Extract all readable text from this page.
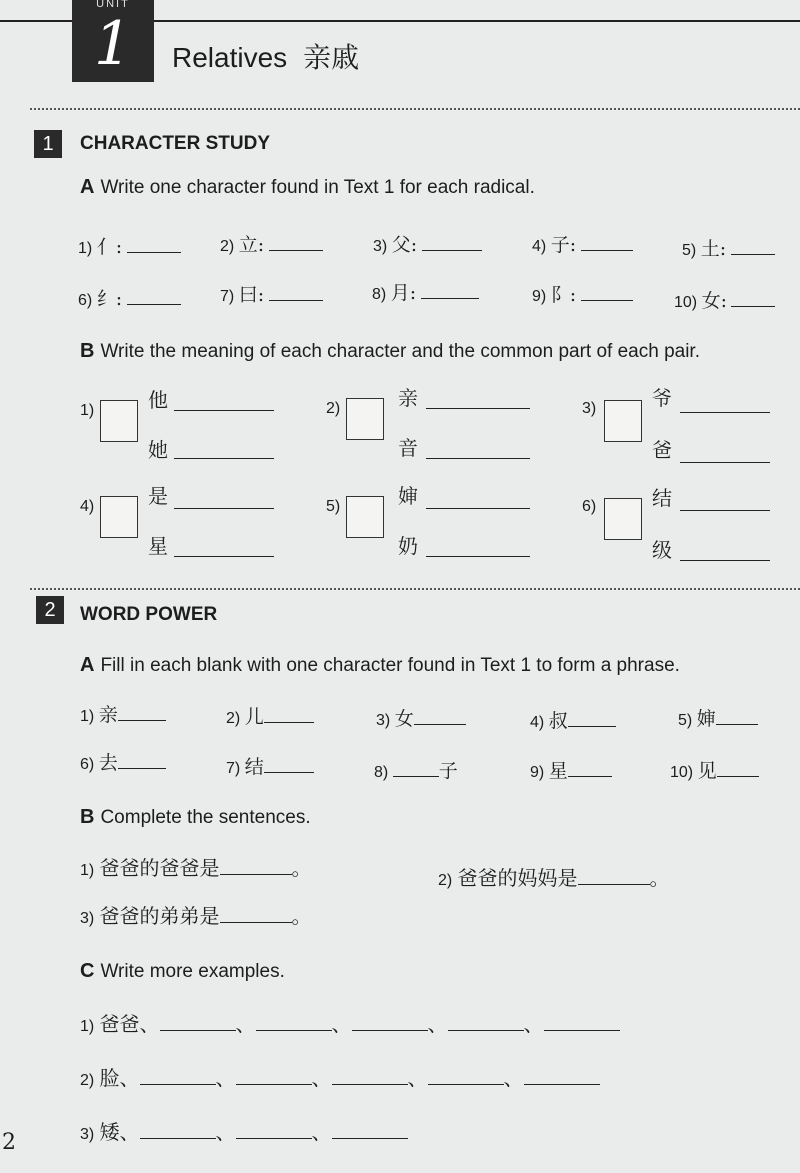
UNIT
1	Relatives 亲戚
1	CHARACTER STUDY
A Write one character found in Text 1 for each radical.
1) 亻:	2) 立:	3) 父:	4) 子:	5) 土:
6) 纟:	7) 曰:	8) 月:	9) 阝:	10) 女:
B Write the meaning of each character and the common part of each pair.
1)	他
她
2)	亲
音
3)	爷
爸
4)	是
星
5)	婶
奶
6)	结
级
2	WORD POWER
A Fill in each blank with one character found in Text 1 to form a phrase.
1) 亲	2) 儿	3) 女	4) 叔	5) 婶
6) 去	7) 结	8)	子	9) 星	10) 见
B Complete the sentences.
1) 爸爸的爸爸是	。
2) 爸爸的妈妈是	。
3) 爸爸的弟弟是	。
C Write more examples.
1) 爸爸、	、	、	、	、
2) 脸、	、	、	、	、
3) 矮、	、	、
2
